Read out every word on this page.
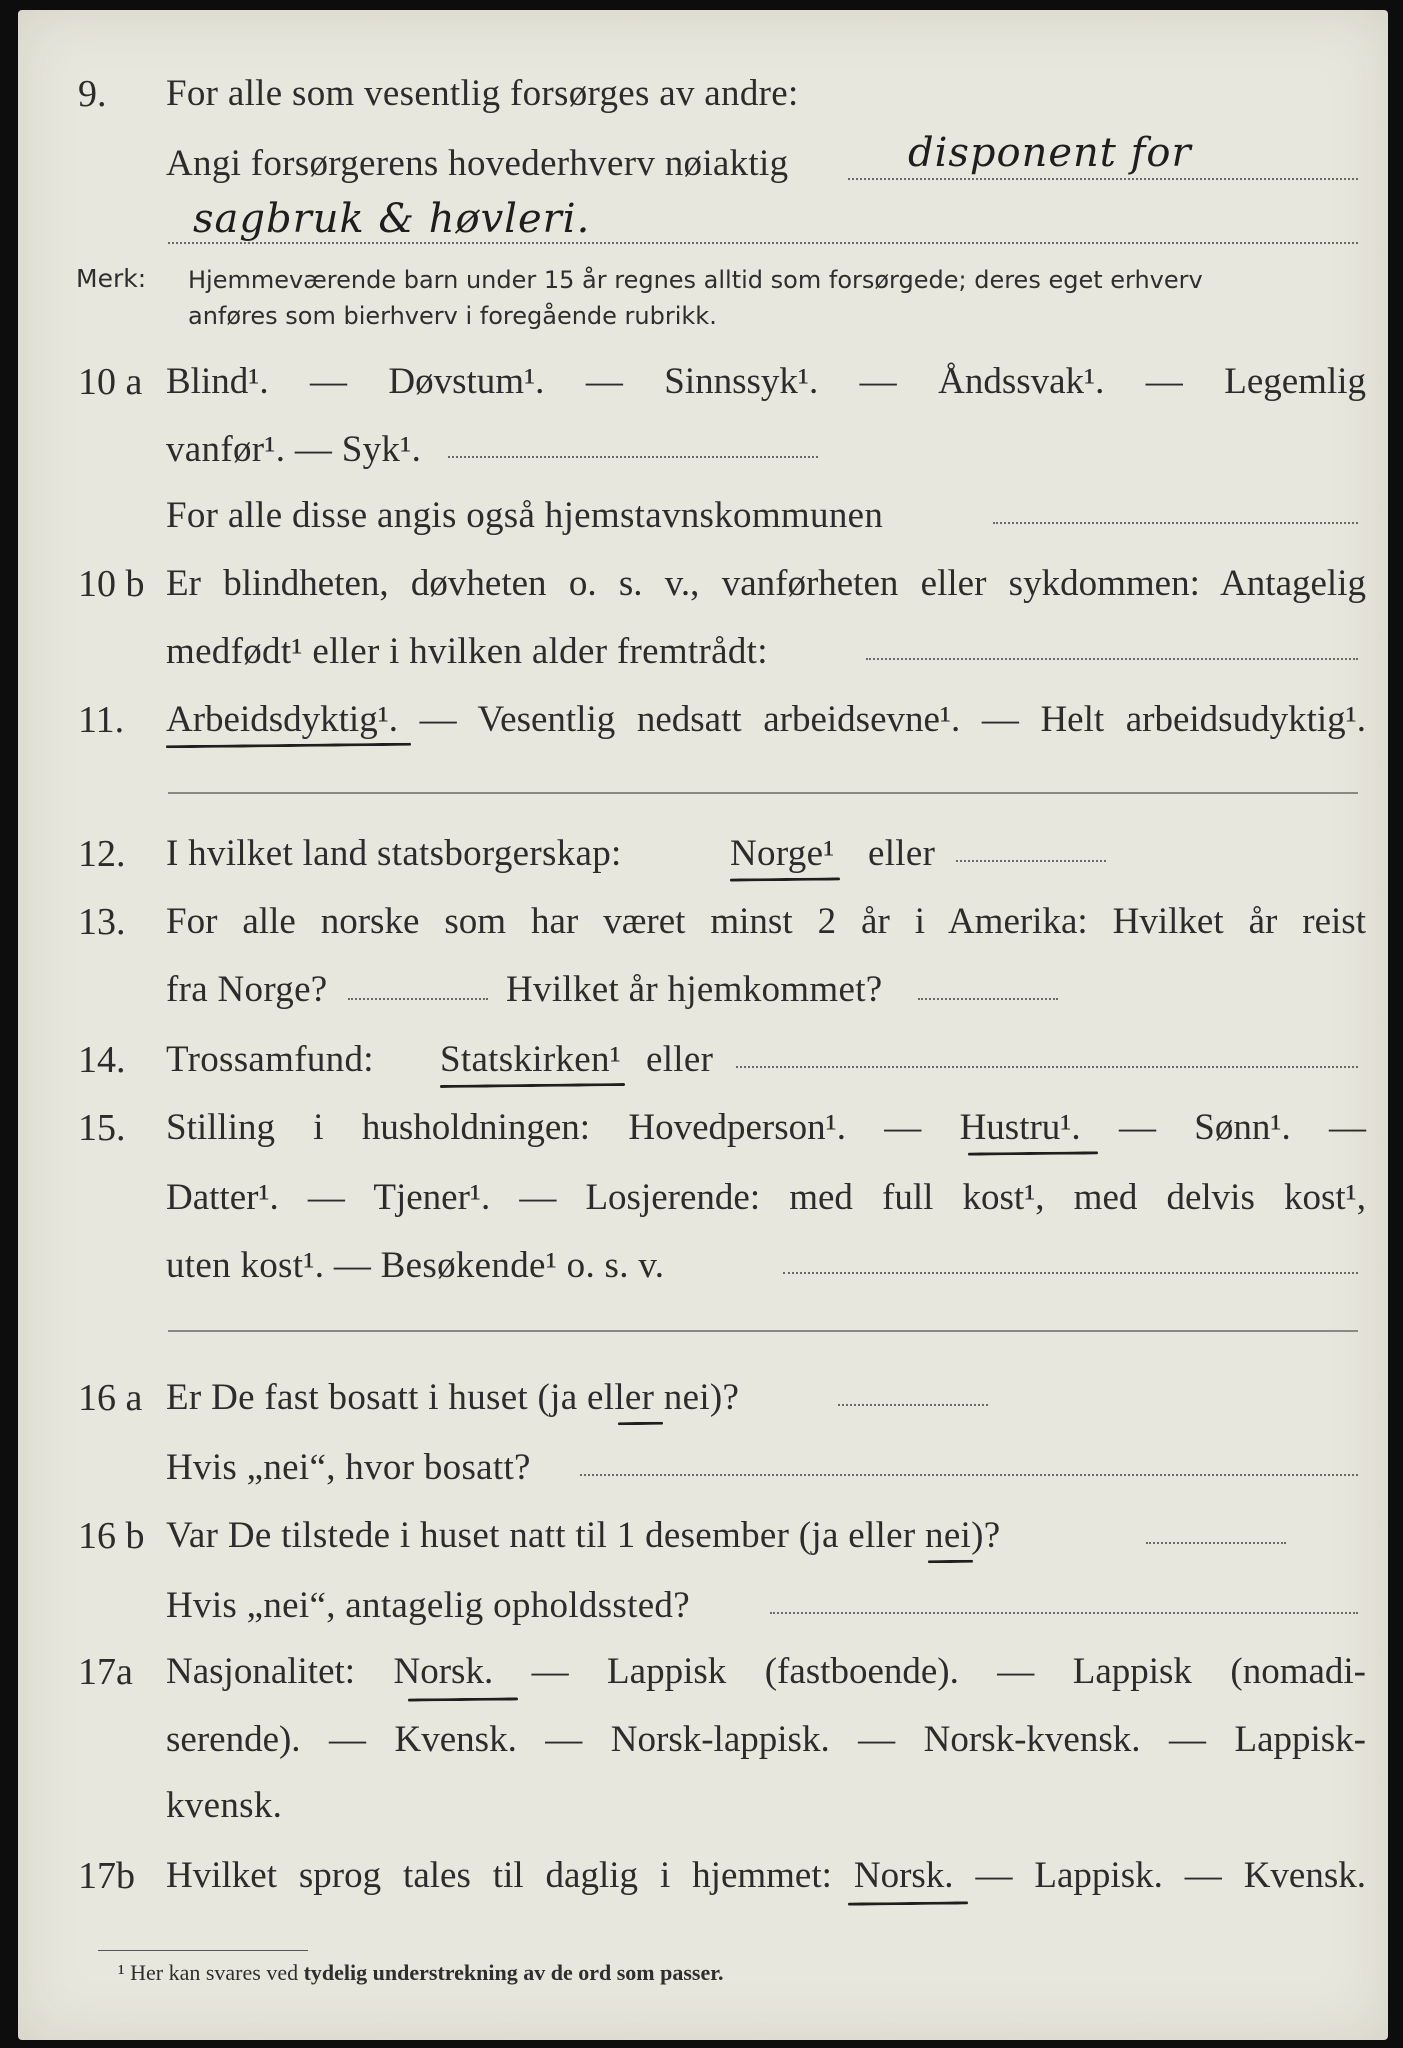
9. For alle som vesentlig forsørges av andre:
Angi forsørgerens hovederhverv nøiaktig	disponent for
sagbruk & høvleri.
Merk: Hjemmeværende barn under 15 år regnes alltid som forsørgede; deres eget erhverv
anføres som bierhverv i foregående rubrikk.
10 a Blind¹. — Døvstum¹. — Sinnssyk¹. — Åndssvak¹. — Legemlig
vanfør¹. — Syk¹.
For alle disse angis også hjemstavnskommunen
10 b Er blindheten, døvheten o. s. v., vanførheten eller sykdommen: Antagelig
medfødt¹ eller i hvilken alder fremtrådt:
11. Arbeidsdyktig¹. — Vesentlig nedsatt arbeidsevne¹. — Helt arbeidsudyktig¹.
12. I hvilket land statsborgerskap:	Norge¹ eller
13. For alle norske som har været minst 2 år i Amerika: Hvilket år reist
fra Norge?	Hvilket år hjemkommet?
14. Trossamfund: Statskirken¹ eller
15. Stilling i husholdningen: Hovedperson¹. — Hustru¹. — Sønn¹. —
Datter¹. — Tjener¹. — Losjerende: med full kost¹, med delvis kost¹,
uten kost¹. — Besøkende¹ o. s. v.
16 a Er De fast bosatt i huset (ja eller nei)?
Hvis „nei“, hvor bosatt?
16 b Var De tilstede i huset natt til 1 desember (ja eller nei)?
Hvis „nei“, antagelig opholdssted?
17a Nasjonalitet: Norsk. — Lappisk (fastboende). — Lappisk (nomadi-
serende). — Kvensk. — Norsk-lappisk. — Norsk-kvensk. — Lappisk-
kvensk.
17b Hvilket sprog tales til daglig i hjemmet: Norsk. — Lappisk. — Kvensk.
¹ Her kan svares ved tydelig understrekning av de ord som passer.
